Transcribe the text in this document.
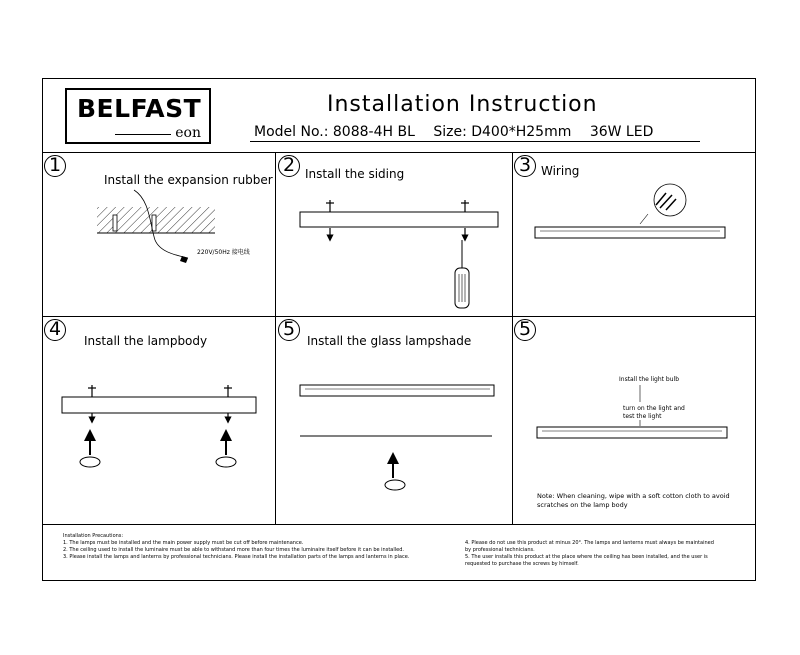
BELFAST
eon
Installation Instruction
Model No.: 8088-4H BL Size: D400*H25mm 36W LED
1	2	3
4	5	5
Install the expansion rubber	Install the siding	Wiring
Install the lampbody	Install the glass lampshade
220V/50Hz 接电线
Install the light bulb
turn on the light and
test the light
Note: When cleaning, wipe with a soft cotton cloth to avoid
scratches on the lamp body
Installation Precautions:
1. The lamps must be installed and the main power supply must be cut off before maintenance.
2. The ceiling used to install the luminaire must be able to withstand more than four times the luminaire itself before it can be installed.
3. Please install the lamps and lanterns by professional technicians. Please install the installation parts of the lamps and lanterns in place.
4. Please do not use this product at minus 20°. The lamps and lanterns must always be maintained
by professional technicians.
5. The user installs this product at the place where the ceiling has been installed, and the user is
requested to purchase the screws by himself.
